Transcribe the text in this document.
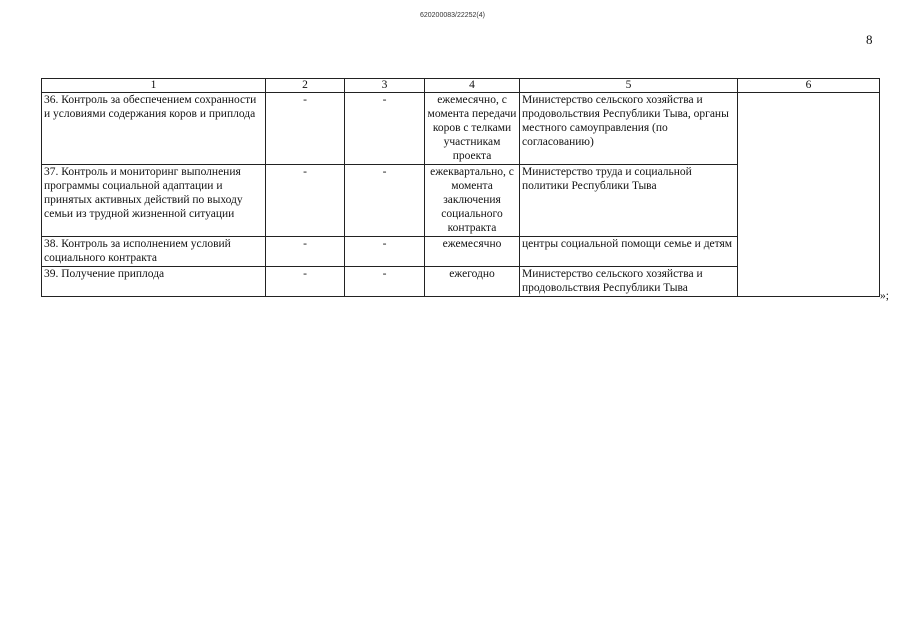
620200083/22252(4)
8
1	2	3	4	5	6
36. Контроль за обеспечением сохранности и условиями содержания коров и приплода	-	-	ежемесячно, с момента передачи коров с телками участникам проекта	Министерство сельского хозяйства и продовольствия Республики Тыва, органы местного самоуправления (по согласованию)	
37. Контроль и мониторинг выполнения программы социальной адаптации и принятых активных действий по выходу семьи из трудной жизненной ситуации	-	-	ежеквартально, с момента заключения социального контракта	Министерство труда и социальной политики Республики Тыва	
38. Контроль за исполнением условий социального контракта	-	-	ежемесячно	центры социальной помощи семье и детям	
39. Получение приплода	-	-	ежегодно	Министерство сельского хозяйства и продовольствия Республики Тыва	
»;
